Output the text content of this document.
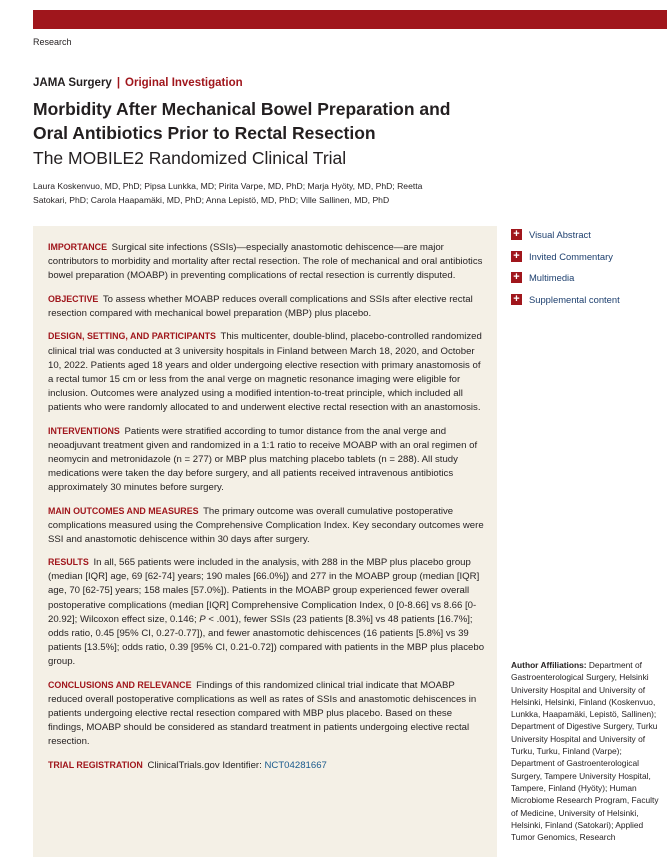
Research
JAMA Surgery | Original Investigation
Morbidity After Mechanical Bowel Preparation and Oral Antibiotics Prior to Rectal Resection
The MOBILE2 Randomized Clinical Trial
Laura Koskenvuo, MD, PhD; Pipsa Lunkka, MD; Pirita Varpe, MD, PhD; Marja Hyöty, MD, PhD; Reetta Satokari, PhD; Carola Haapamäki, MD, PhD; Anna Lepistö, MD, PhD; Ville Sallinen, MD, PhD

IMPORTANCE Surgical site infections (SSIs)—especially anastomotic dehiscence—are major contributors to morbidity and mortality after rectal resection. The role of mechanical and oral antibiotics bowel preparation (MOABP) in preventing complications of rectal resection is currently disputed.

OBJECTIVE To assess whether MOABP reduces overall complications and SSIs after elective rectal resection compared with mechanical bowel preparation (MBP) plus placebo.

DESIGN, SETTING, AND PARTICIPANTS This multicenter, double-blind, placebo-controlled randomized clinical trial was conducted at 3 university hospitals in Finland between March 18, 2020, and October 10, 2022. Patients aged 18 years and older undergoing elective resection with primary anastomosis of a rectal tumor 15 cm or less from the anal verge on magnetic resonance imaging were eligible for inclusion. Outcomes were analyzed using a modified intention-to-treat principle, which included all patients who were randomly allocated to and underwent elective rectal resection with an anastomosis.

INTERVENTIONS Patients were stratified according to tumor distance from the anal verge and neoadjuvant treatment given and randomized in a 1:1 ratio to receive MOABP with an oral regimen of neomycin and metronidazole (n = 277) or MBP plus matching placebo tablets (n = 288). All study medications were taken the day before surgery, and all patients received intravenous antibiotics approximately 30 minutes before surgery.

MAIN OUTCOMES AND MEASURES The primary outcome was overall cumulative postoperative complications measured using the Comprehensive Complication Index. Key secondary outcomes were SSI and anastomotic dehiscence within 30 days after surgery.

RESULTS In all, 565 patients were included in the analysis, with 288 in the MBP plus placebo group (median [IQR] age, 69 [62-74] years; 190 males [66.0%]) and 277 in the MOABP group (median [IQR] age, 70 [62-75] years; 158 males [57.0%]). Patients in the MOABP group experienced fewer overall postoperative complications (median [IQR] Comprehensive Complication Index, 0 [0-8.66] vs 8.66 [0-20.92]; Wilcoxon effect size, 0.146; P < .001), fewer SSIs (23 patients [8.3%] vs 48 patients [16.7%]; odds ratio, 0.45 [95% CI, 0.27-0.77]), and fewer anastomotic dehiscences (16 patients [5.8%] vs 39 patients [13.5%]; odds ratio, 0.39 [95% CI, 0.21-0.72]) compared with patients in the MBP plus placebo group.

CONCLUSIONS AND RELEVANCE Findings of this randomized clinical trial indicate that MOABP reduced overall postoperative complications as well as rates of SSIs and anastomotic dehiscences in patients undergoing elective rectal resection compared with MBP plus placebo. Based on these findings, MOABP should be considered as standard treatment in patients undergoing elective rectal resection.

TRIAL REGISTRATION ClinicalTrials.gov Identifier: NCT04281667

+ Visual Abstract
+ Invited Commentary
+ Multimedia
+ Supplemental content
Author Affiliations: Department of Gastroenterological Surgery, Helsinki University Hospital and University of Helsinki, Helsinki, Finland (Koskenvuo, Lunkka, Haapamäki, Lepistö, Sallinen); Department of Digestive Surgery, Turku University Hospital and University of Turku, Turku, Finland (Varpe); Department of Gastroenterological Surgery, Tampere University Hospital, Tampere, Finland (Hyöty); Human Microbiome Research Program, Faculty of Medicine, University of Helsinki, Helsinki, Finland (Satokari); Applied Tumor Genomics, Research
